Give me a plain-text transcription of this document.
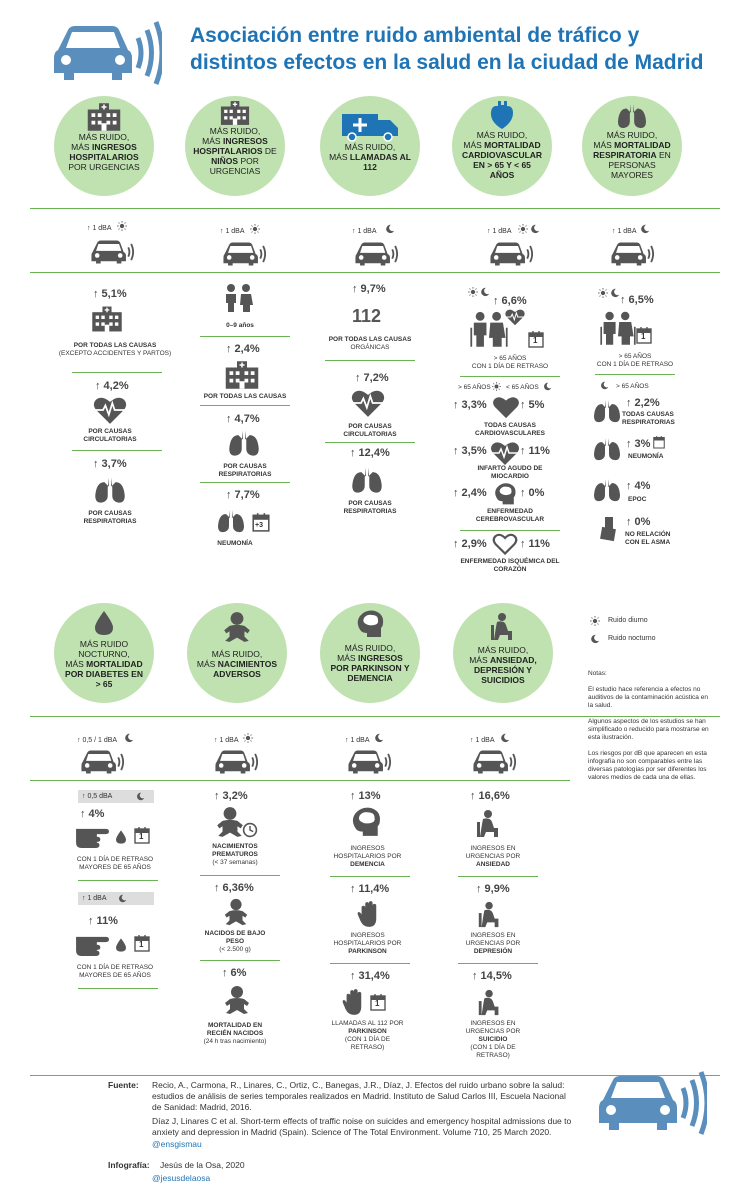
Asociación entre ruido ambiental de tráfico y
distintos efectos en la salud en la ciudad de Madrid
MÁS RUIDO,
MÁS INGRESOS HOSPITALARIOS
POR URGENCIAS
MÁS RUIDO,
MÁS INGRESOS HOSPITALARIOS DE NIÑOS POR URGENCIAS
MÁS RUIDO,
MÁS LLAMADAS AL 112
MÁS RUIDO,
MÁS MORTALIDAD CARDIOVASCULAR EN > 65 Y < 65 AÑOS
MÁS RUIDO,
MÁS MORTALIDAD RESPIRATORIA EN PERSONAS MAYORES
↑ 1 dBA	↑ 1 dBA	↑ 1 dBA	↑ 1 dBA	↑ 1 dBA
↑ 5,1%
POR TODAS LAS CAUSAS
(EXCEPTO ACCIDENTES Y PARTOS)
↑ 4,2%
POR CAUSAS CIRCULATORIAS
↑ 3,7%
POR CAUSAS RESPIRATORIAS
0–9 años
↑ 2,4%
POR TODAS LAS CAUSAS
↑ 4,7%
POR CAUSAS RESPIRATORIAS
↑ 7,7%
+3
NEUMONÍA
↑ 9,7%
112
POR TODAS LAS CAUSAS
ORGÁNICAS
↑ 7,2%
POR CAUSAS CIRCULATORIAS
↑ 12,4%
POR CAUSAS RESPIRATORIAS
↑ 6,6%
1
> 65 AÑOS
CON 1 DÍA DE RETRASO
> 65 AÑOS < 65 AÑOS
↑ 3,3%	↑ 5%
TODAS CAUSAS CARDIOVASCULARES
↑ 3,5%	↑ 11%
INFARTO AGUDO DE MIOCARDIO
↑ 2,4%	↑ 0%
ENFERMEDAD CEREBROVASCULAR
↑ 2,9%	↑ 11%
ENFERMEDAD ISQUÉMICA DEL CORAZÓN
↑ 6,5%
1
> 65 AÑOS
CON 1 DÍA DE RETRASO
> 65 AÑOS
↑ 2,2%
TODAS CAUSAS RESPIRATORIAS
↑ 3%
NEUMONÍA
↑ 4%
EPOC
↑ 0%
NO RELACIÓN CON EL ASMA
MÁS RUIDO NOCTURNO,
MÁS MORTALIDAD POR DIABETES EN > 65
MÁS RUIDO,
MÁS NACIMIENTOS ADVERSOS
MÁS RUIDO,
MÁS INGRESOS POR PARKINSON Y DEMENCIA
MÁS RUIDO,
MÁS ANSIEDAD, DEPRESIÓN Y SUICIDIOS
Ruido diurno
Ruido nocturno
Notas:

El estudio hace referencia a efectos no auditivos de la contaminación acústica en la salud.

Algunos aspectos de los estudios se han simplificado o reducido para mostrarse en esta ilustración.

Los riesgos por dB que aparecen en esta infografía no son comparables entre las diversas patologías por ser diferentes los valores medios de cada una de ellas.
↑ 0,5 / 1 dBA	↑ 1 dBA	↑ 1 dBA	↑ 1 dBA
↑ 0,5 dBA
↑ 4%
1
CON 1 DÍA DE RETRASO
MAYORES DE 65 AÑOS
↑ 1 dBA
↑ 11%
1
CON 1 DÍA DE RETRASO
MAYORES DE 65 AÑOS
↑ 3,2%
NACIMIENTOS PREMATUROS
(< 37 semanas)
↑ 6,36%
NACIDOS DE BAJO PESO
(< 2.500 g)
↑ 6%
MORTALIDAD EN RECIÉN NACIDOS
(24 h tras nacimiento)
↑ 13%
INGRESOS HOSPITALARIOS POR DEMENCIA
↑ 11,4%
INGRESOS HOSPITALARIOS POR PARKINSON
↑ 31,4%
1
LLAMADAS AL 112 POR PARKINSON
(CON 1 DÍA DE RETRASO)
↑ 16,6%
INGRESOS EN URGENCIAS POR ANSIEDAD
↑ 9,9%
INGRESOS EN URGENCIAS POR DEPRESIÓN
↑ 14,5%
INGRESOS EN URGENCIAS POR SUICIDIO
(CON 1 DÍA DE RETRASO)
Fuente: Recio, A., Carmona, R., Linares, C., Ortiz, C., Banegas, J.R., Díaz, J. Efectos del ruido urbano sobre la salud: estudios de análisis de series temporales realizados en Madrid. Instituto de Salud Carlos III, Escuela Nacional de Sanidad: Madrid, 2016.
Díaz J, Linares C et al. Short-term effects of traffic noise on suicides and emergency hospital admissions due to anxiety and depression in Madrid (Spain). Science of The Total Environment. Volume 710, 25 March 2020.
@ensgismau
Infografía: Jesús de la Osa, 2020
@jesusdelaosa
